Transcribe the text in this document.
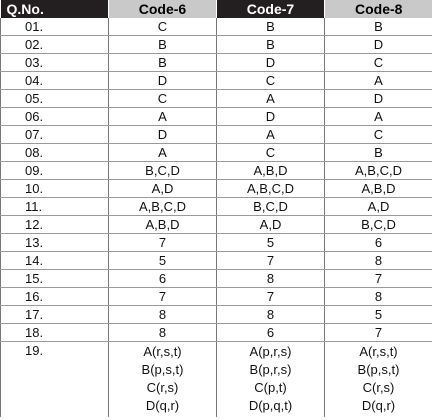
Q.No.	Code-6	Code-7	Code-8
01.	C	B	B
02.	B	B	D
03.	B	D	C
04.	D	C	A
05.	C	A	D
06.	A	D	A
07.	D	A	C
08.	A	C	B
09.	B,C,D	A,B,D	A,B,C,D
10.	A,D	A,B,C,D	A,B,D
11.	A,B,C,D	B,C,D	A,D
12.	A,B,D	A,D	B,C,D
13.	7	5	6
14.	5	7	8
15.	6	8	7
16.	7	7	8
17.	8	8	5
18.	8	6	7
19.	A(r,s,t)
B(p,s,t)
C(r,s)
D(q,r)	A(p,r,s)
B(p,r,s)
C(p,t)
D(p,q,t)	A(r,s,t)
B(p,s,t)
C(r,s)
D(q,r)
